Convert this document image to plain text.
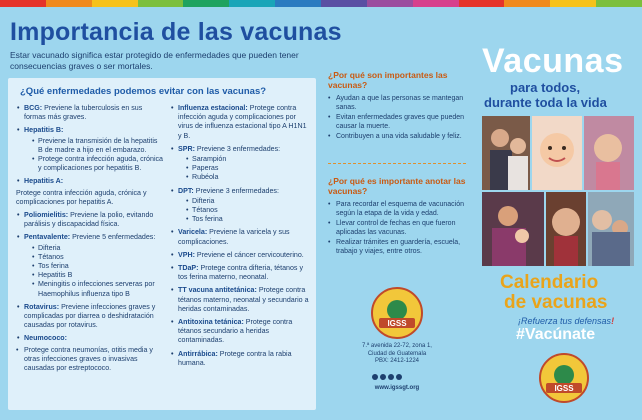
Importancia de las vacunas
Estar vacunado significa estar protegido de enfermedades que pueden tener consecuencias graves o ser mortales.
¿Qué enfermedades podemos evitar con las vacunas?
• BCG: Previene la tuberculosis en sus formas más graves.
• Hepatitis B:
• Previene la transmisión de la hepatitis B de madre a hijo en el embarazo.
• Protege contra infección aguda, crónica y complicaciones por hepatitis B.
• Hepatitis A:
Protege contra infección aguda, crónica y complicaciones por hepatitis A.
• Poliomielitis: Previene la polio, evitando parálisis y discapacidad física.
• Pentavalente: Previene 5 enfermedades:
• Difteria
• Tétanos
• Tos ferina
• Hepatitis B
• Meningitis o infecciones serveras por Haemophilus influenza tipo B
• Rotavirus: Previene infecciones graves y complicadas por diarrea o deshidratación causadas por rotavirus.
• Neumococo:
• Protege contra neumonías, otitis media y otras infecciones graves o invasivas causadas por estreptococo.
• Influenza estacional: Protege contra infección aguda y complicaciones por virus de influenza estacional tipo A H1N1 y B.
• SPR: Previene 3 enfermedades:
• Sarampión
• Paperas
• Rubéola
• DPT: Previene 3 enfermedades:
• Difteria
• Tétanos
• Tos ferina
• Varicela: Previene la varicela y sus complicaciones.
• VPH: Previene el cáncer cervicouterino.
• TDaP: Protege contra difteria, tétanos y tos ferina materno, neonatal.
• TT vacuna antitetánica: Protege contra tétanos materno, neonatal y secundario a heridas contaminadas.
• Antitoxina tetánica: Protege contra tétanos secundario a heridas contaminadas.
• Antirrábica: Protege contra la rabia humana.
¿Por qué son importantes las vacunas?
• Ayudan a que las personas se mantegan sanas.
• Evitan enfermedades graves que pueden causar la muerte.
• Contribuyen a una vida saludable y feliz.
¿Por qué es importante anotar las vacunas?
• Para recordar el esquema de vacunación según la etapa de la vida y edad.
• Llevar control de fechas en que fueron aplicadas las vacunas.
• Realizar trámites en guardería, escuela, trabajo y viajes, entre otros.
IGSS
7.ª avenida 22-72, zona 1,
Ciudad de Guatemala
PBX: 2412-1224
www.igssgt.org
Vacunas
para todos,
durante toda la vida
Calendario
de vacunas
¡Refuerza tus defensas!
#Vacúnate
IGSS
